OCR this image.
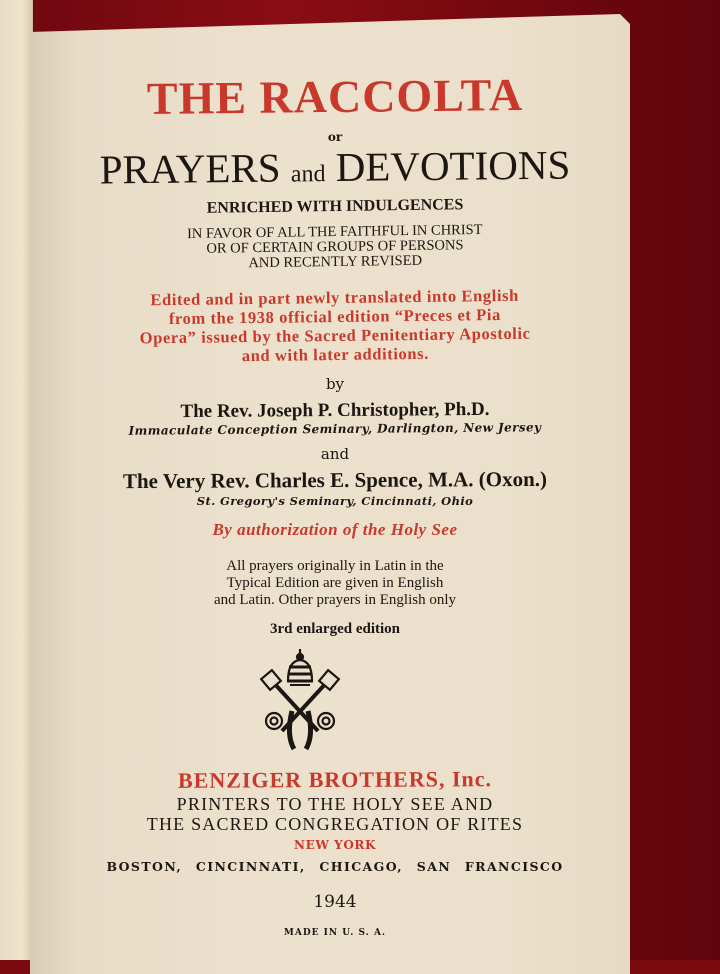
THE RACCOLTA
or
PRAYERS and DEVOTIONS
ENRICHED WITH INDULGENCES
IN FAVOR OF ALL THE FAITHFUL IN CHRIST
OR OF CERTAIN GROUPS OF PERSONS
AND RECENTLY REVISED
Edited and in part newly translated into English
from the 1938 official edition “Preces et Pia
Opera” issued by the Sacred Penitentiary Apostolic
and with later additions.
by
The Rev. Joseph P. Christopher, Ph.D.
Immaculate Conception Seminary, Darlington, New Jersey
and
The Very Rev. Charles E. Spence, M.A. (Oxon.)
St. Gregory's Seminary, Cincinnati, Ohio
By authorization of the Holy See
All prayers originally in Latin in the
Typical Edition are given in English
and Latin. Other prayers in English only
3rd enlarged edition
BENZIGER BROTHERS, Inc.
PRINTERS TO THE HOLY SEE AND
THE SACRED CONGREGATION OF RITES
NEW YORK
BOSTON, CINCINNATI, CHICAGO, SAN FRANCISCO
1944
MADE IN U. S. A.
